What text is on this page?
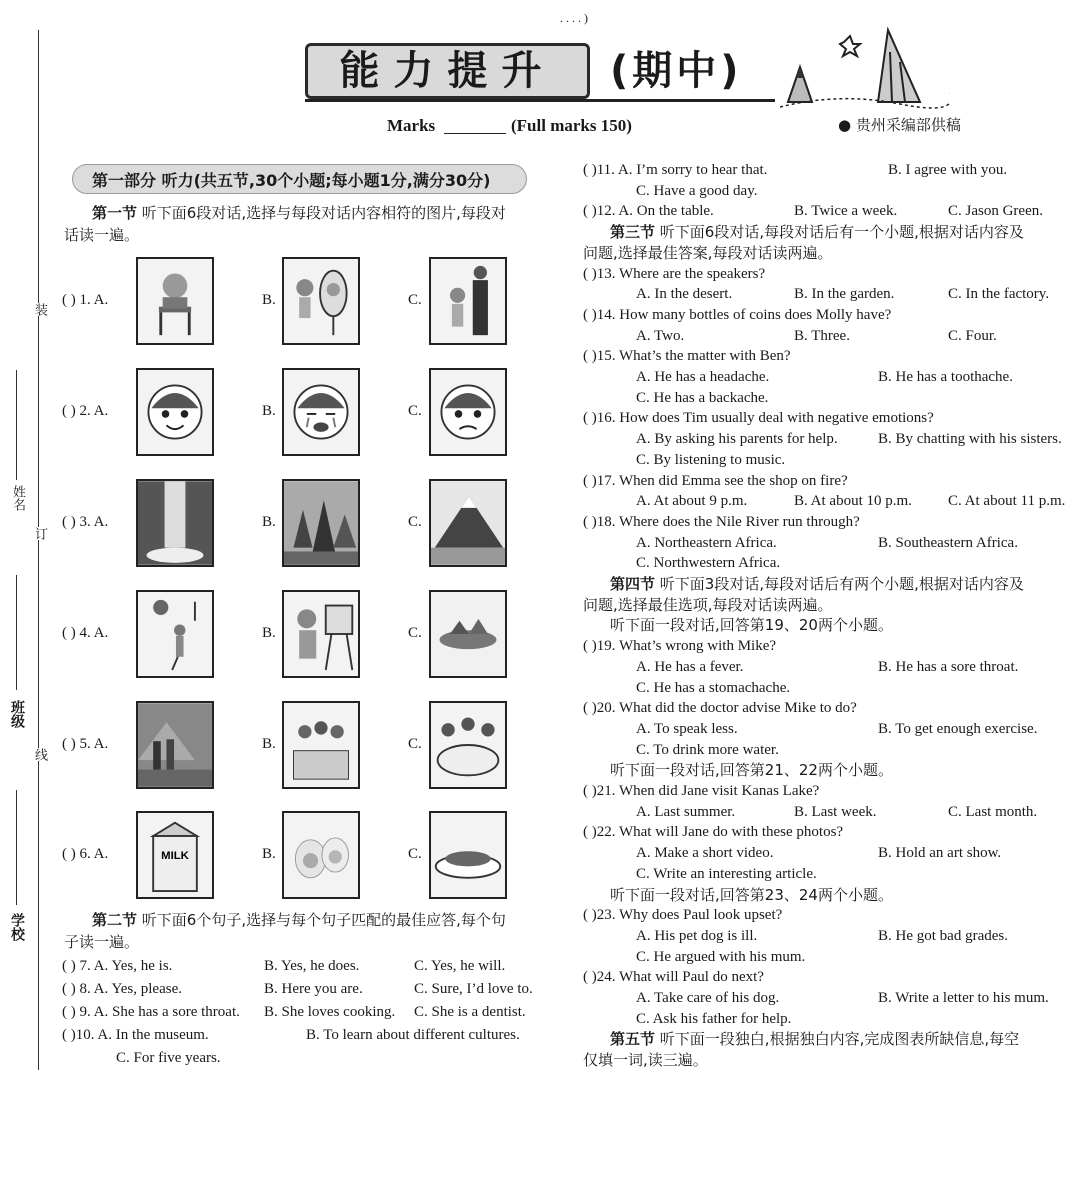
. . . . )
能力提升	(期中)
Marks	(Full marks 150)	● 贵州采编部供稿
装
订
线
姓名
班级
学校
第一部分 听力(共五节,30个小题;每小题1分,满分30分)
第一节 听下面6段对话,选择与每段对话内容相符的图片,每段对
话读一遍。
( ) 1. A.	B.	C.
( ) 2. A.	B.	C.
( ) 3. A.	B.	C.
( ) 4. A.	B.	C.
( ) 5. A.	B.	C.
( ) 6. A.	MILK	B.	C.
第二节 听下面6个句子,选择与每个句子匹配的最佳应答,每个句
子读一遍。
( ) 7. A. Yes, he is.	B. Yes, he does.	C. Yes, he will.
( ) 8. A. Yes, please.	B. Here you are.	C. Sure, I’d love to.
( ) 9. A. She has a sore throat. B. She loves cooking. C. She is a dentist.
( )10. A. In the museum.	B. To learn about different cultures.
C. For five years.
( )11. A. I’m sorry to hear that.	B. I agree with you.
C. Have a good day.
( )12. A. On the table.	B. Twice a week.	C. Jason Green.
第三节 听下面6段对话,每段对话后有一个小题,根据对话内容及
问题,选择最佳答案,每段对话读两遍。
( )13. Where are the speakers?
A. In the desert.	B. In the garden.	C. In the factory.
( )14. How many bottles of coins does Molly have?
A. Two.	B. Three.	C. Four.
( )15. What’s the matter with Ben?
A. He has a headache.	B. He has a toothache.
C. He has a backache.
( )16. How does Tim usually deal with negative emotions?
A. By asking his parents for help.	B. By chatting with his sisters.
C. By listening to music.
( )17. When did Emma see the shop on fire?
A. At about 9 p.m.	B. At about 10 p.m. C. At about 11 p.m.
( )18. Where does the Nile River run through?
A. Northeastern Africa.	B. Southeastern Africa.
C. Northwestern Africa.
第四节 听下面3段对话,每段对话后有两个小题,根据对话内容及
问题,选择最佳选项,每段对话读两遍。
听下面一段对话,回答第19、20两个小题。
( )19. What’s wrong with Mike?
A. He has a fever.	B. He has a sore throat.
C. He has a stomachache.
( )20. What did the doctor advise Mike to do?
A. To speak less.	B. To get enough exercise.
C. To drink more water.
听下面一段对话,回答第21、22两个小题。
( )21. When did Jane visit Kanas Lake?
A. Last summer.	B. Last week.	C. Last month.
( )22. What will Jane do with these photos?
A. Make a short video.	B. Hold an art show.
C. Write an interesting article.
听下面一段对话,回答第23、24两个小题。
( )23. Why does Paul look upset?
A. His pet dog is ill.	B. He got bad grades.
C. He argued with his mum.
( )24. What will Paul do next?
A. Take care of his dog.	B. Write a letter to his mum.
C. Ask his father for help.
第五节 听下面一段独白,根据独白内容,完成图表所缺信息,每空
仅填一词,读三遍。
